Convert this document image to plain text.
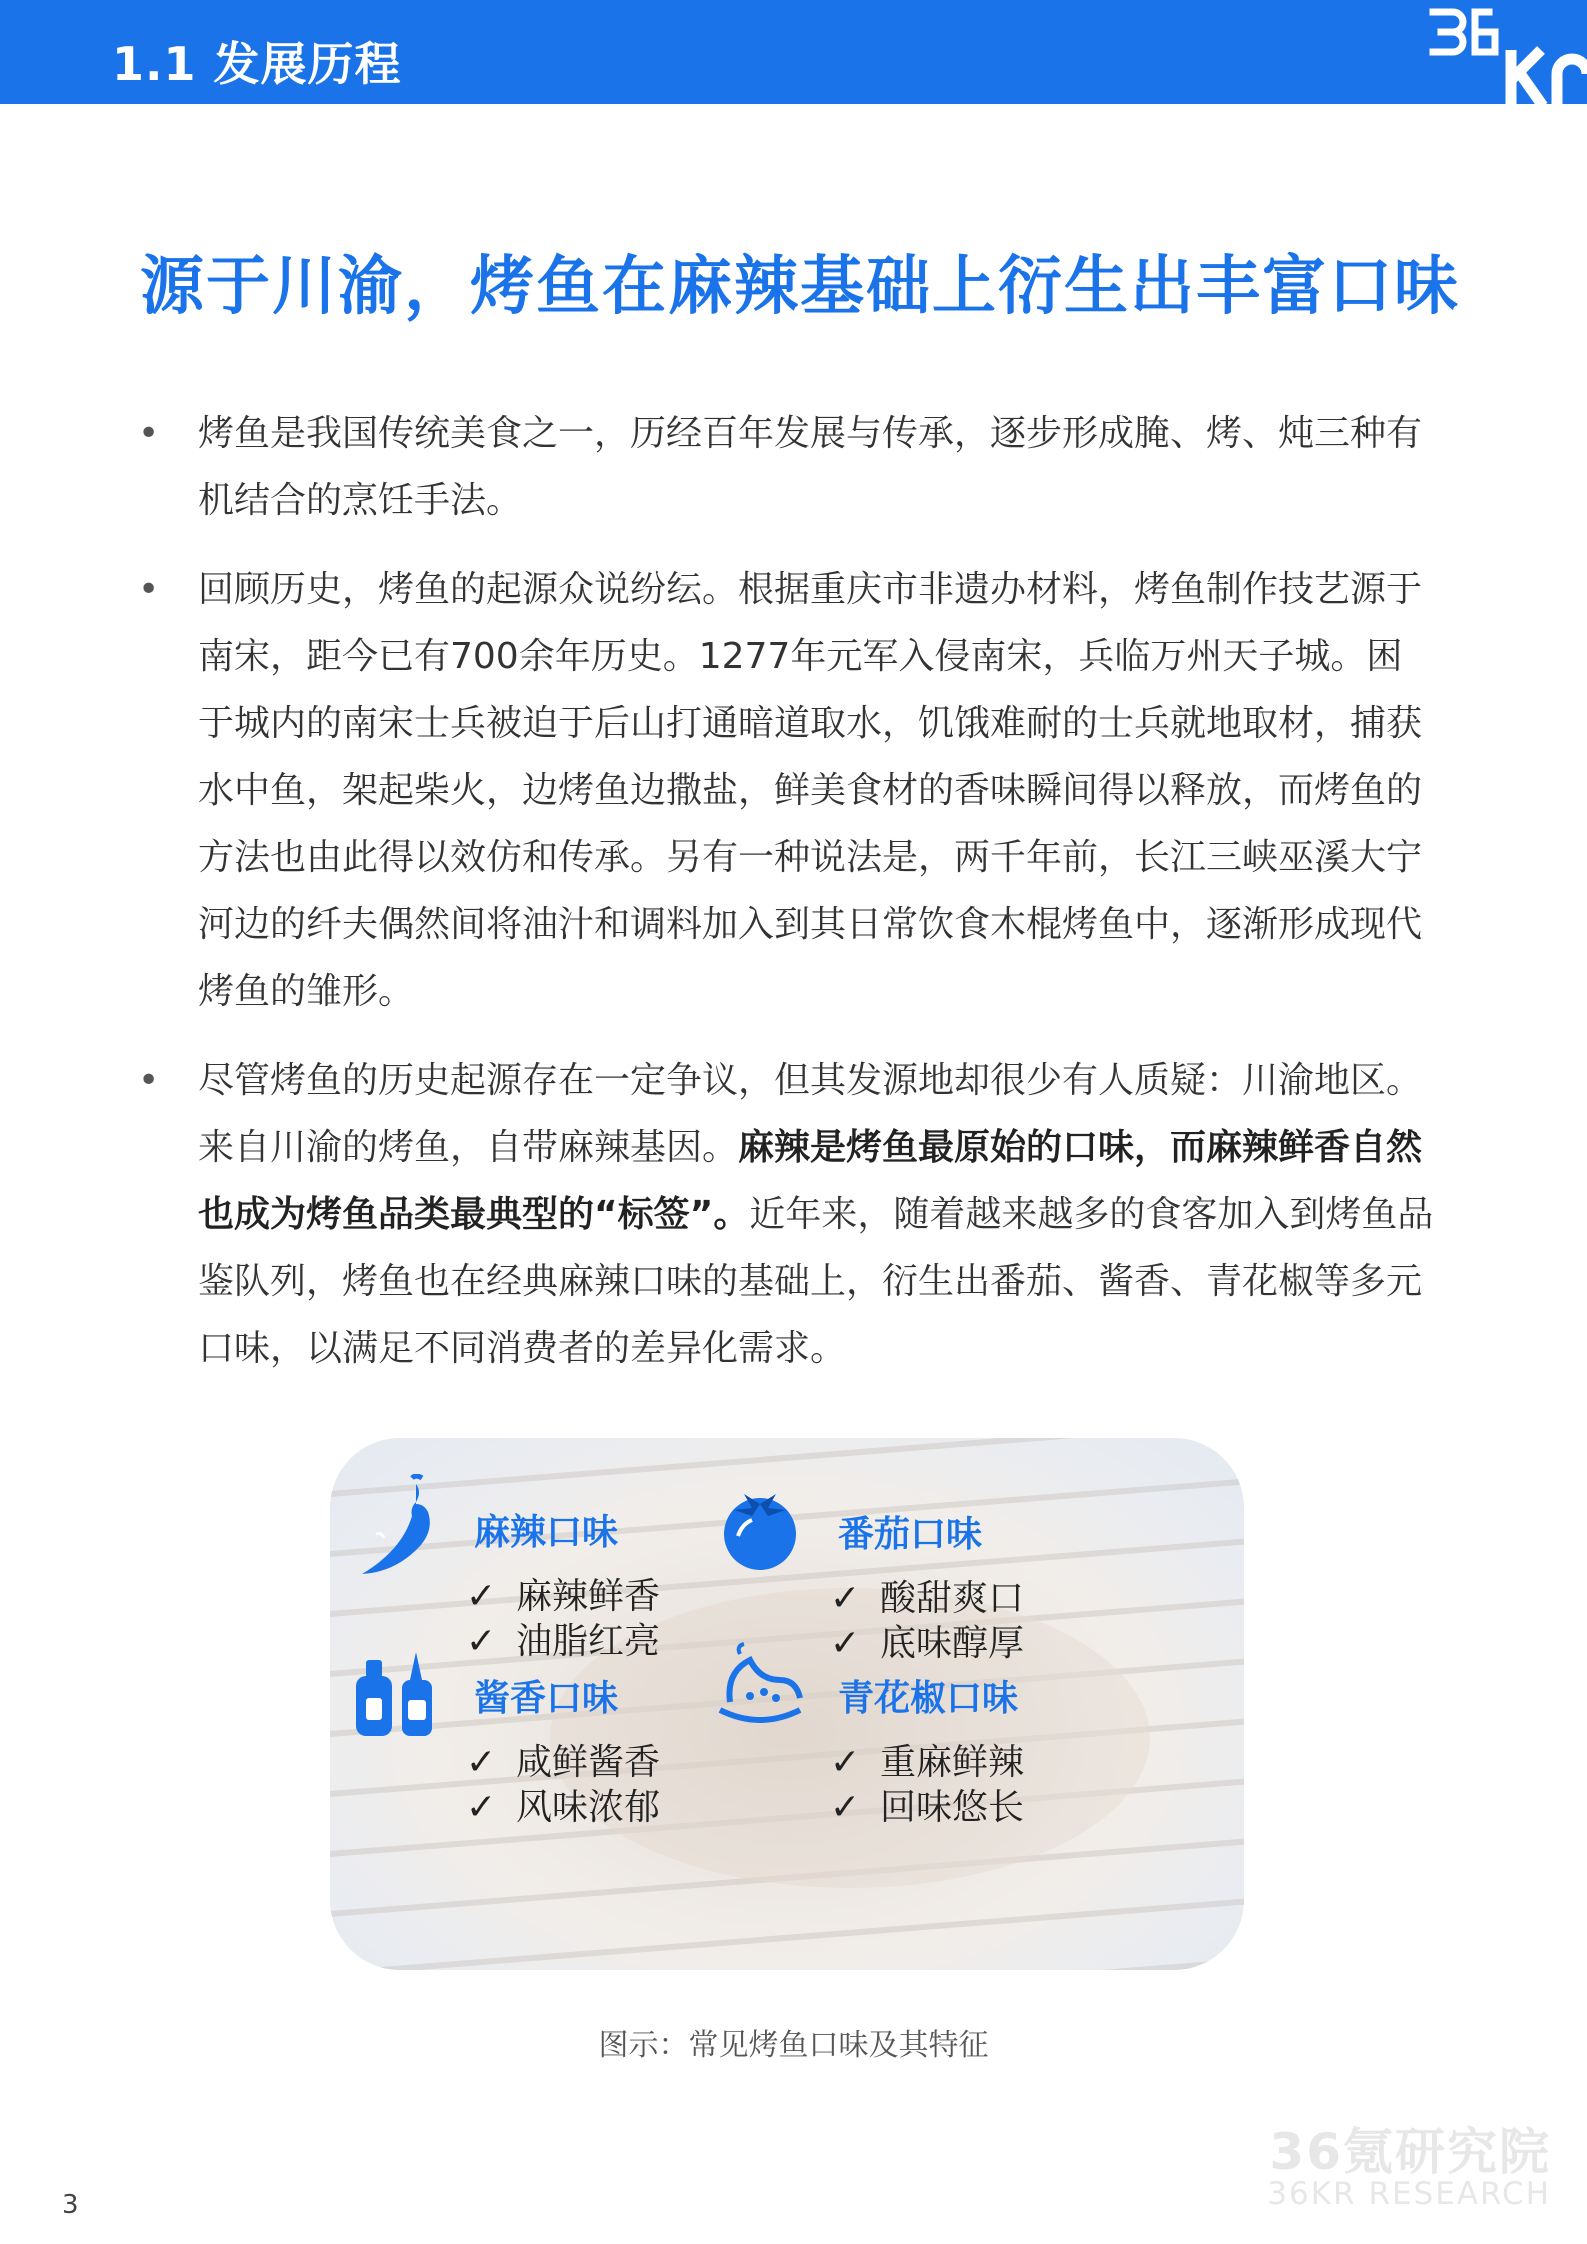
1.1 发展历程
源于川渝，烤鱼在麻辣基础上衍生出丰富口味
• 烤鱼是我国传统美食之一，历经百年发展与传承，逐步形成腌、烤、炖三种有机结合的烹饪手法。
• 回顾历史，烤鱼的起源众说纷纭。根据重庆市非遗办材料，烤鱼制作技艺源于南宋，距今已有700余年历史。1277年元军入侵南宋，兵临万州天子城。困于城内的南宋士兵被迫于后山打通暗道取水，饥饿难耐的士兵就地取材，捕获水中鱼，架起柴火，边烤鱼边撒盐，鲜美食材的香味瞬间得以释放，而烤鱼的方法也由此得以效仿和传承。另有一种说法是，两千年前，长江三峡巫溪大宁河边的纤夫偶然间将油汁和调料加入到其日常饮食木棍烤鱼中，逐渐形成现代烤鱼的雏形。
• 尽管烤鱼的历史起源存在一定争议，但其发源地却很少有人质疑：川渝地区。来自川渝的烤鱼，自带麻辣基因。麻辣是烤鱼最原始的口味，而麻辣鲜香自然也成为烤鱼品类最典型的“标签”。近年来，随着越来越多的食客加入到烤鱼品鉴队列，烤鱼也在经典麻辣口味的基础上，衍生出番茄、酱香、青花椒等多元口味，以满足不同消费者的差异化需求。
麻辣口味
✓ 麻辣鲜香
✓ 油脂红亮
番茄口味
✓ 酸甜爽口
✓ 底味醇厚
酱香口味
✓ 咸鲜酱香
✓ 风味浓郁
青花椒口味
✓ 重麻鲜辣
✓ 回味悠长
图示：常见烤鱼口味及其特征
36氪研究院
36KR RESEARCH
3
